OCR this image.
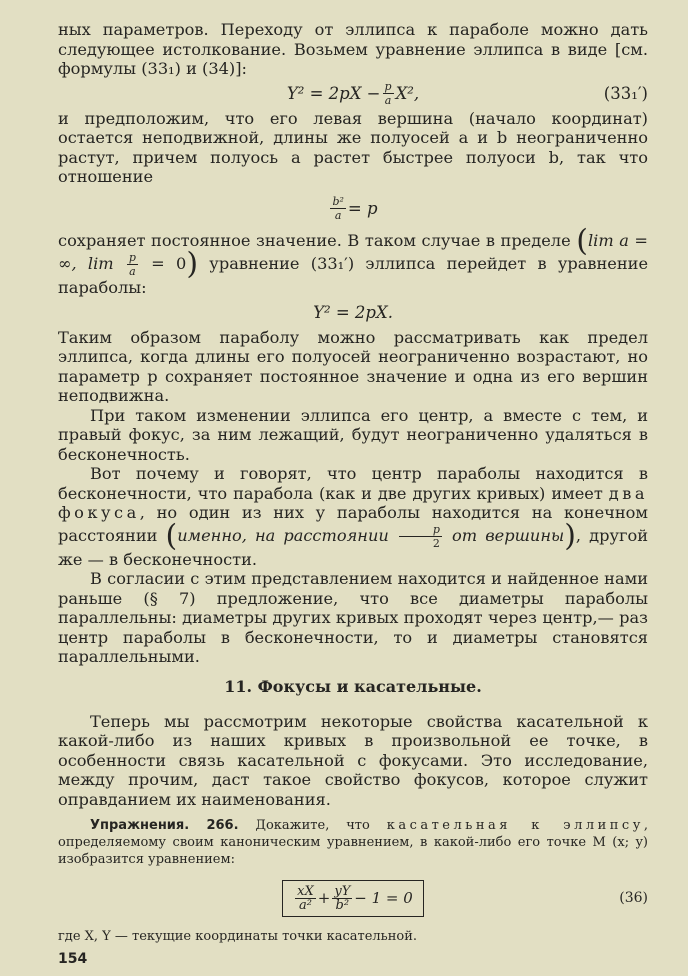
ных параметров. Переходу от эллипса к параболе можно дать следующее истолкование. Возьмем уравнение эллипса в виде [см. формулы (33₁) и (34)]:

$Y^2 = 2pX - \frac{p}{a} X^2$,	(33₁′)

и предположим, что его левая вершина (начало координат) остается неподвижной, длины же полуосей a и b неограниченно растут, причем полуось a растет быстрее полуоси b, так что отношение

$\frac{\text{b²}}{a} = p$

сохраняет постоянное значение. В таком случае в пределе (lim a = ∞, $\lim \frac{p}{a} = 0$) уравнение (33₁′) эллипса перейдет в уравнение параболы:

Y² = 2pX.

Таким образом параболу можно рассматривать как предел эллипса, когда длины его полуосей неограниченно возрастают, но параметр p сохраняет постоянное значение и одна из его вершин неподвижна.

При таком изменении эллипса его центр, а вместе с тем, и правый фокус, за ним лежащий, будут неограниченно удаляться в бесконечность.

Вот почему и говорят, что центр параболы находится в бесконечности, что парабола (как и две других кривых) имеет два фокуса, но один из них у параболы находится на конечном расстоянии (именно, на расстоянии $\frac{p}{2}$ от вершины), другой же — в бесконечности.

В согласии с этим представлением находится и найденное нами раньше (§ 7) предложение, что все диаметры параболы параллельны: диаметры других кривых проходят через центр,— раз центр параболы в бесконечности, то и диаметры становятся параллельными.

11. Фокусы и касательные.

Теперь мы рассмотрим некоторые свойства касательной к какой-либо из наших кривых в произвольной ее точке, в особенности связь касательной с фокусами. Это исследование, между прочим, даст такое свойство фокусов, которое служит оправданием их наименования.

Упражнения. 266. Докажите, что касательная к эллипсу, определяемому своим каноническим уравнением, в какой-либо его точке M (x; y) изобразится уравнением:

$\frac{xX}{\text{a²}} + \frac{yY}{\text{b²}} - 1 = 0$	(36)

где X, Y — текущие координаты точки касательной.

154
